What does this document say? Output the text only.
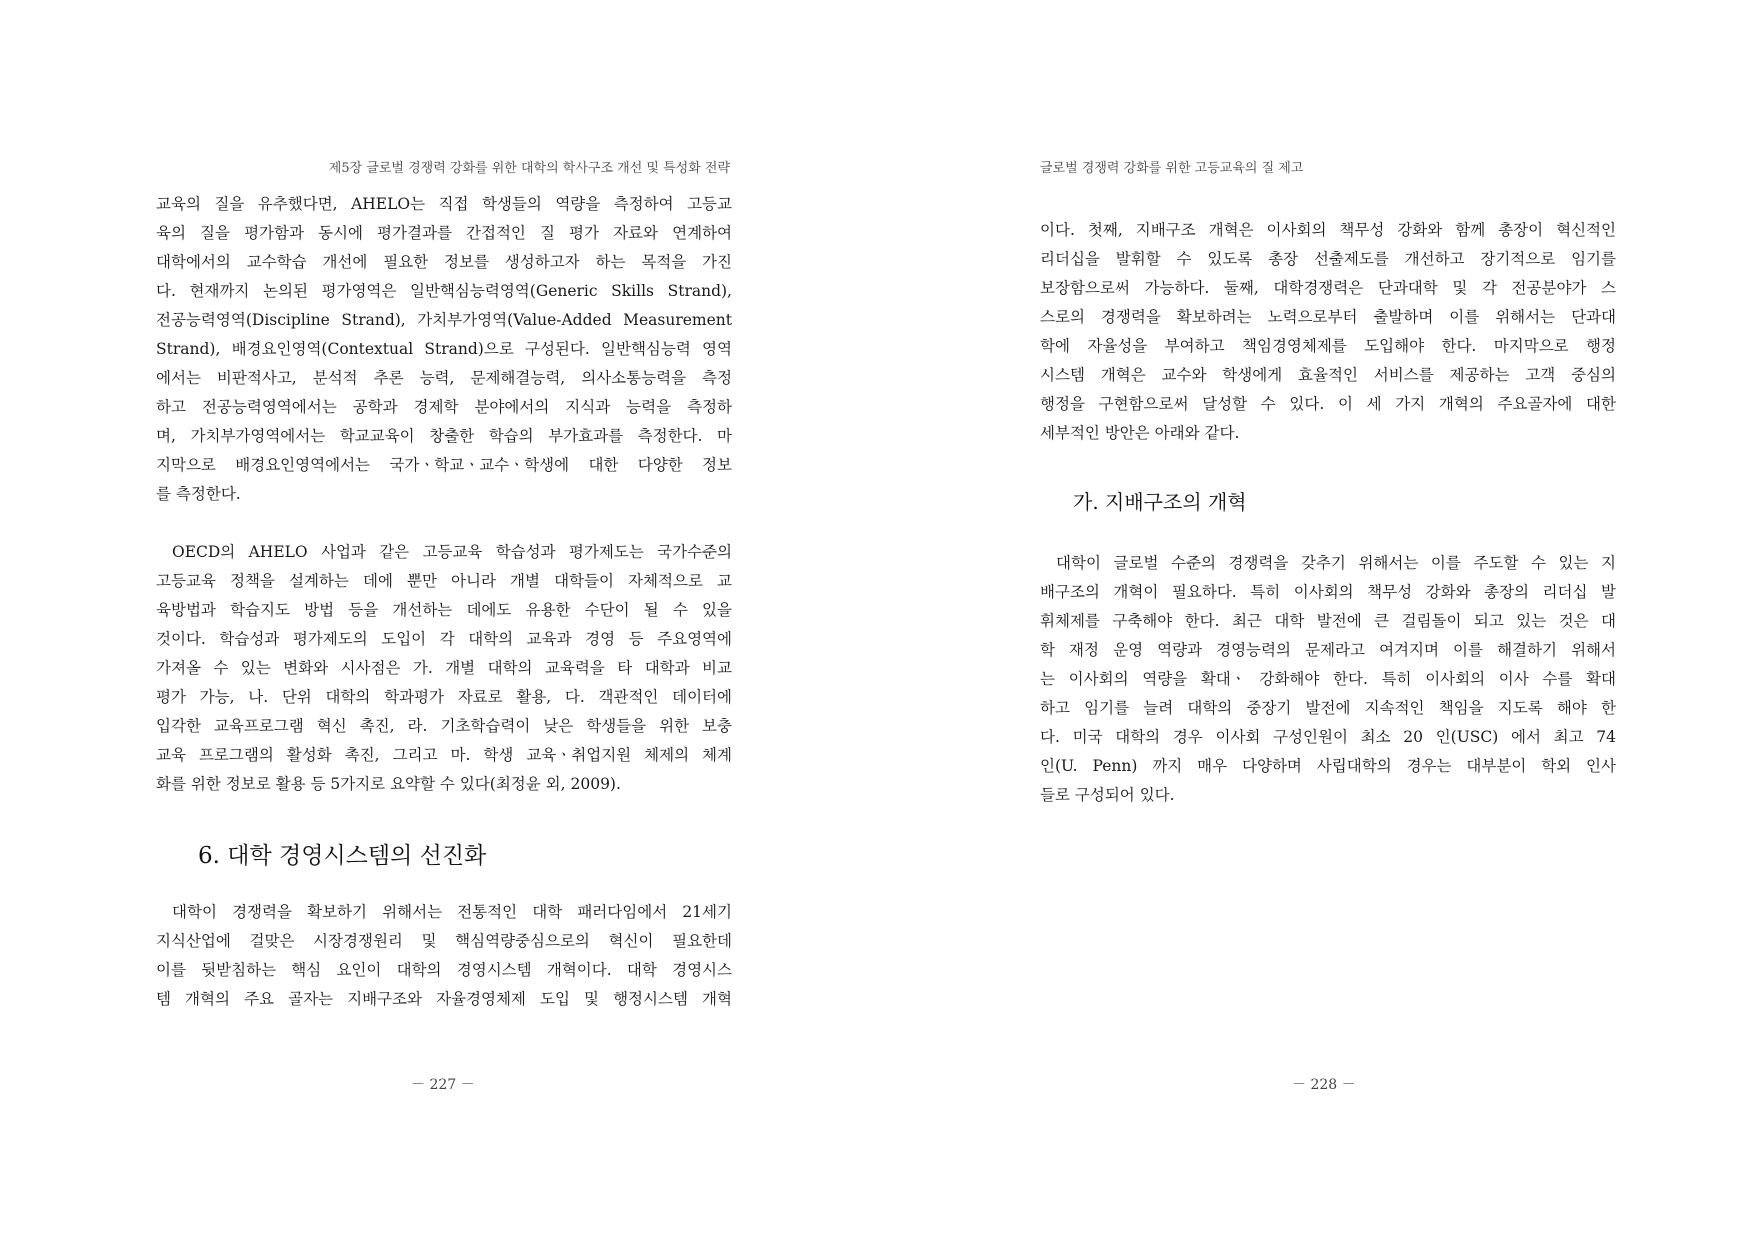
제5장 글로벌 경쟁력 강화를 위한 대학의 학사구조 개선 및 특성화 전략
교육의 질을 유추했다면, AHELO는 직접 학생들의 역량을 측정하여 고등교
육의 질을 평가함과 동시에 평가결과를 간접적인 질 평가 자료와 연계하여
대학에서의 교수학습 개선에 필요한 정보를 생성하고자 하는 목적을 가진
다. 현재까지 논의된 평가영역은 일반핵심능력영역(Generic Skills Strand),
전공능력영역(Discipline Strand), 가치부가영역(Value-Added Measurement
Strand), 배경요인영역(Contextual Strand)으로 구성된다. 일반핵심능력 영역
에서는 비판적사고, 분석적 추론 능력, 문제해결능력, 의사소통능력을 측정
하고 전공능력영역에서는 공학과 경제학 분야에서의 지식과 능력을 측정하
며, 가치부가영역에서는 학교교육이 창출한 학습의 부가효과를 측정한다. 마
지막으로 배경요인영역에서는 국가ㆍ학교ㆍ교수ㆍ학생에 대한 다양한 정보
를 측정한다.
OECD의 AHELO 사업과 같은 고등교육 학습성과 평가제도는 국가수준의
고등교육 정책을 설계하는 데에 뿐만 아니라 개별 대학들이 자체적으로 교
육방법과 학습지도 방법 등을 개선하는 데에도 유용한 수단이 될 수 있을
것이다. 학습성과 평가제도의 도입이 각 대학의 교육과 경영 등 주요영역에
가져올 수 있는 변화와 시사점은 가. 개별 대학의 교육력을 타 대학과 비교
평가 가능, 나. 단위 대학의 학과평가 자료로 활용, 다. 객관적인 데이터에
입각한 교육프로그램 혁신 촉진, 라. 기초학습력이 낮은 학생들을 위한 보충
교육 프로그램의 활성화 촉진, 그리고 마. 학생 교육ㆍ취업지원 체제의 체계
화를 위한 정보로 활용 등 5가지로 요약할 수 있다(최정윤 외, 2009).
6. 대학 경영시스템의 선진화
대학이 경쟁력을 확보하기 위해서는 전통적인 대학 패러다임에서 21세기
지식산업에 걸맞은 시장경쟁원리 및 핵심역량중심으로의 혁신이 필요한데
이를 뒷받침하는 핵심 요인이 대학의 경영시스템 개혁이다. 대학 경영시스
템 개혁의 주요 골자는 지배구조와 자율경영체제 도입 및 행정시스템 개혁
－ 227 －
글로벌 경쟁력 강화를 위한 고등교육의 질 제고
이다. 첫째, 지배구조 개혁은 이사회의 책무성 강화와 함께 총장이 혁신적인
리더십을 발휘할 수 있도록 총장 선출제도를 개선하고 장기적으로 임기를
보장함으로써 가능하다. 둘째, 대학경쟁력은 단과대학 및 각 전공분야가 스
스로의 경쟁력을 확보하려는 노력으로부터 출발하며 이를 위해서는 단과대
학에 자율성을 부여하고 책임경영체제를 도입해야 한다. 마지막으로 행정
시스템 개혁은 교수와 학생에게 효율적인 서비스를 제공하는 고객 중심의
행정을 구현함으로써 달성할 수 있다. 이 세 가지 개혁의 주요골자에 대한
세부적인 방안은 아래와 같다.
가. 지배구조의 개혁
대학이 글로벌 수준의 경쟁력을 갖추기 위해서는 이를 주도할 수 있는 지
배구조의 개혁이 필요하다. 특히 이사회의 책무성 강화와 총장의 리더십 발
휘체제를 구축해야 한다. 최근 대학 발전에 큰 걸림돌이 되고 있는 것은 대
학 재정 운영 역량과 경영능력의 문제라고 여겨지며 이를 해결하기 위해서
는 이사회의 역량을 확대ㆍ 강화해야 한다. 특히 이사회의 이사 수를 확대
하고 임기를 늘려 대학의 중장기 발전에 지속적인 책임을 지도록 해야 한
다. 미국 대학의 경우 이사회 구성인원이 최소 20 인(USC) 에서 최고 74
인(U. Penn) 까지 매우 다양하며 사립대학의 경우는 대부분이 학외 인사
들로 구성되어 있다.
－ 228 －
